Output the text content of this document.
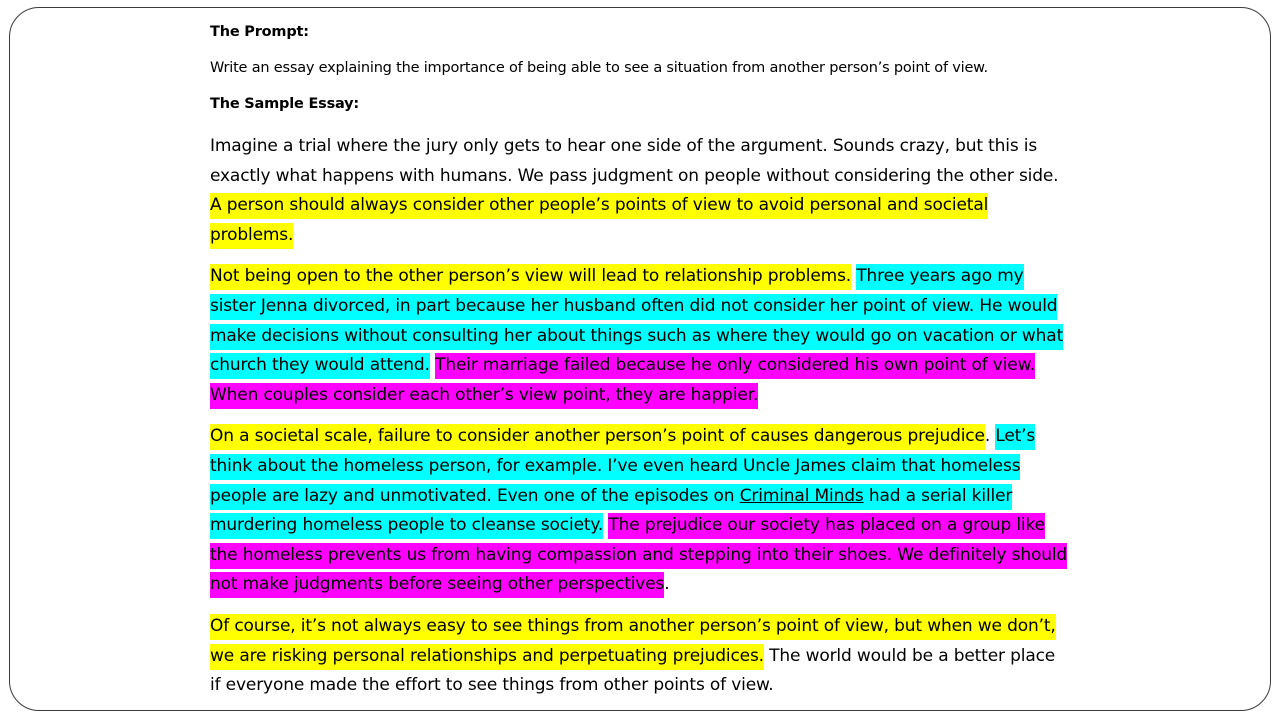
The Prompt:
Write an essay explaining the importance of being able to see a situation from another person’s point of view.
The Sample Essay:

Imagine a trial where the jury only gets to hear one side of the argument. Sounds crazy, but this is exactly what happens with humans. We pass judgment on people without considering the other side. A person should always consider other people’s points of view to avoid personal and societal problems.

Not being open to the other person’s view will lead to relationship problems. Three years ago my sister Jenna divorced, in part because her husband often did not consider her point of view. He would make decisions without consulting her about things such as where they would go on vacation or what church they would attend. Their marriage failed because he only considered his own point of view. When couples consider each other’s view point, they are happier.

On a societal scale, failure to consider another person’s point of causes dangerous prejudice. Let’s think about the homeless person, for example. I’ve even heard Uncle James claim that homeless people are lazy and unmotivated. Even one of the episodes on Criminal Minds had a serial killer murdering homeless people to cleanse society. The prejudice our society has placed on a group like the homeless prevents us from having compassion and stepping into their shoes. We definitely should not make judgments before seeing other perspectives.

Of course, it’s not always easy to see things from another person’s point of view, but when we don’t, we are risking personal relationships and perpetuating prejudices. The world would be a better place if everyone made the effort to see things from other points of view.
